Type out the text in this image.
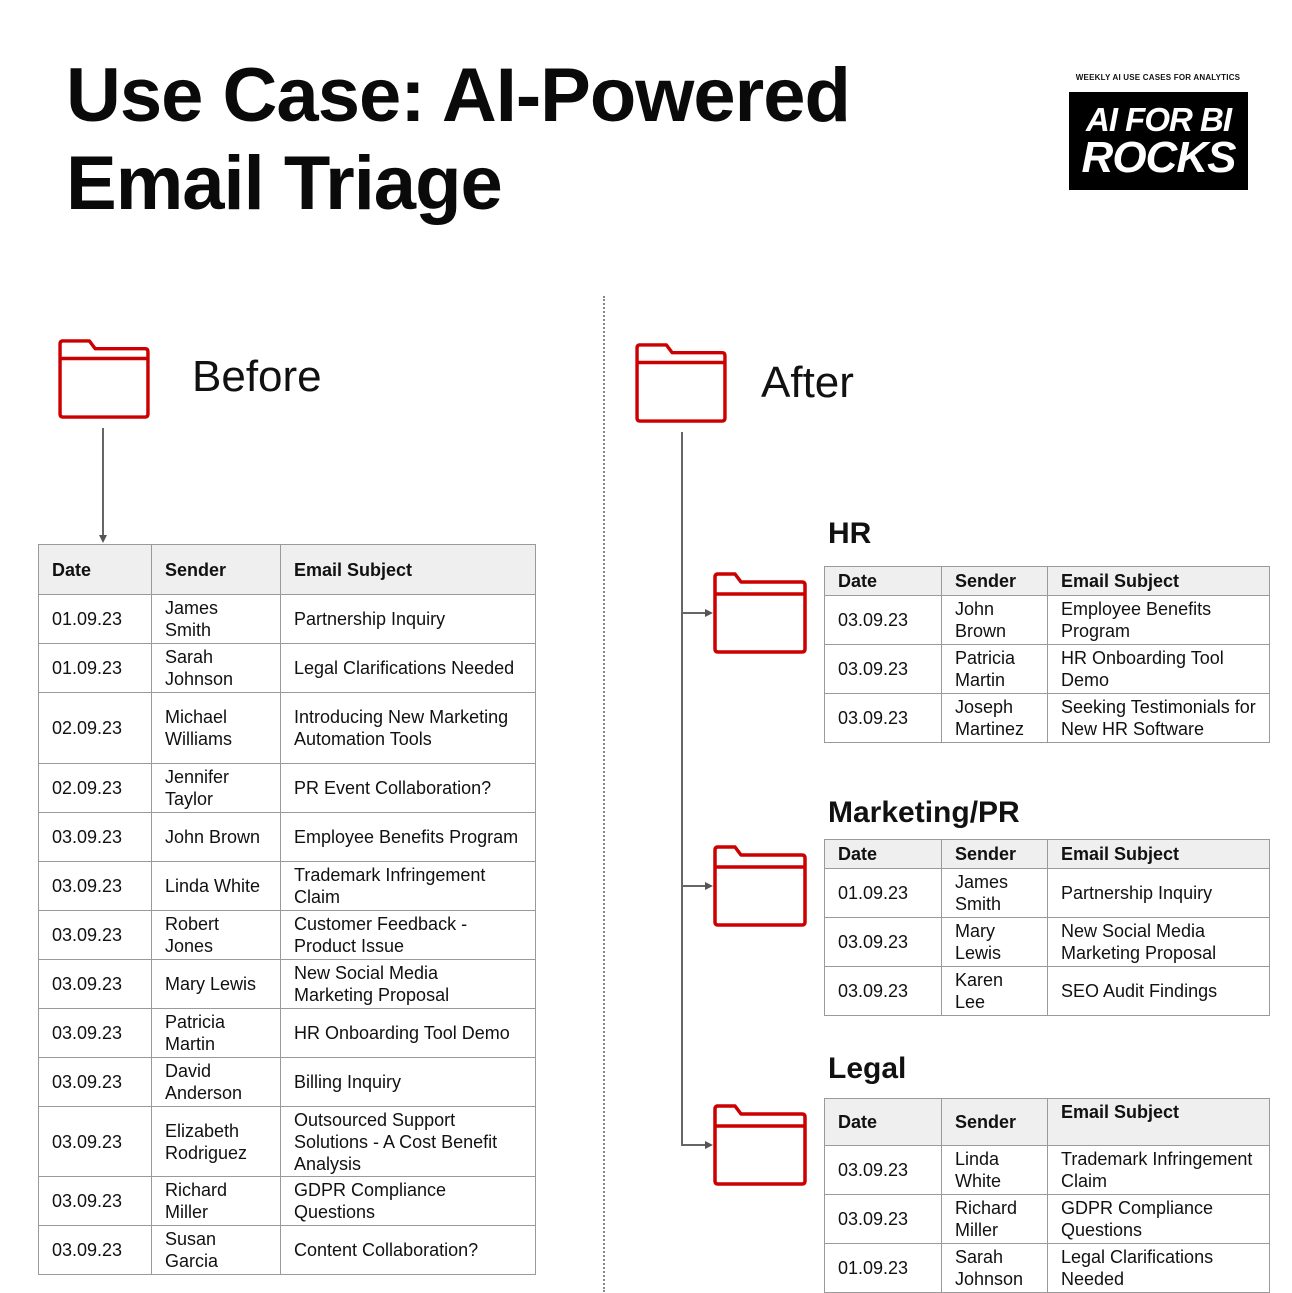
Use Case: AI-Powered
Email Triage
WEEKLY AI USE CASES FOR ANALYTICS
AI FOR BI
ROCKS
Before
Date	Sender	Email Subject
01.09.23	James Smith	Partnership Inquiry
01.09.23	Sarah Johnson	Legal Clarifications Needed
02.09.23	Michael Williams	Introducing New Marketing Automation Tools
02.09.23	Jennifer Taylor	PR Event Collaboration?
03.09.23	John Brown	Employee Benefits Program
03.09.23	Linda White	Trademark Infringement Claim
03.09.23	Robert Jones	Customer Feedback - Product Issue
03.09.23	Mary Lewis	New Social Media Marketing Proposal
03.09.23	Patricia Martin	HR Onboarding Tool Demo
03.09.23	David Anderson	Billing Inquiry
03.09.23	Elizabeth Rodriguez	Outsourced Support Solutions - A Cost Benefit Analysis
03.09.23	Richard Miller	GDPR Compliance Questions
03.09.23	Susan Garcia	Content Collaboration?
After
HR
Date	Sender	Email Subject
03.09.23	John Brown	Employee Benefits Program
03.09.23	Patricia Martin	HR Onboarding Tool Demo
03.09.23	Joseph Martinez	Seeking Testimonials for New HR Software
Marketing/PR
Date	Sender	Email Subject
01.09.23	James Smith	Partnership Inquiry
03.09.23	Mary Lewis	New Social Media Marketing Proposal
03.09.23	Karen Lee	SEO Audit Findings
Legal
Date	Sender	Email Subject
03.09.23	Linda White	Trademark Infringement Claim
03.09.23	Richard Miller	GDPR Compliance Questions
01.09.23	Sarah Johnson	Legal Clarifications Needed
